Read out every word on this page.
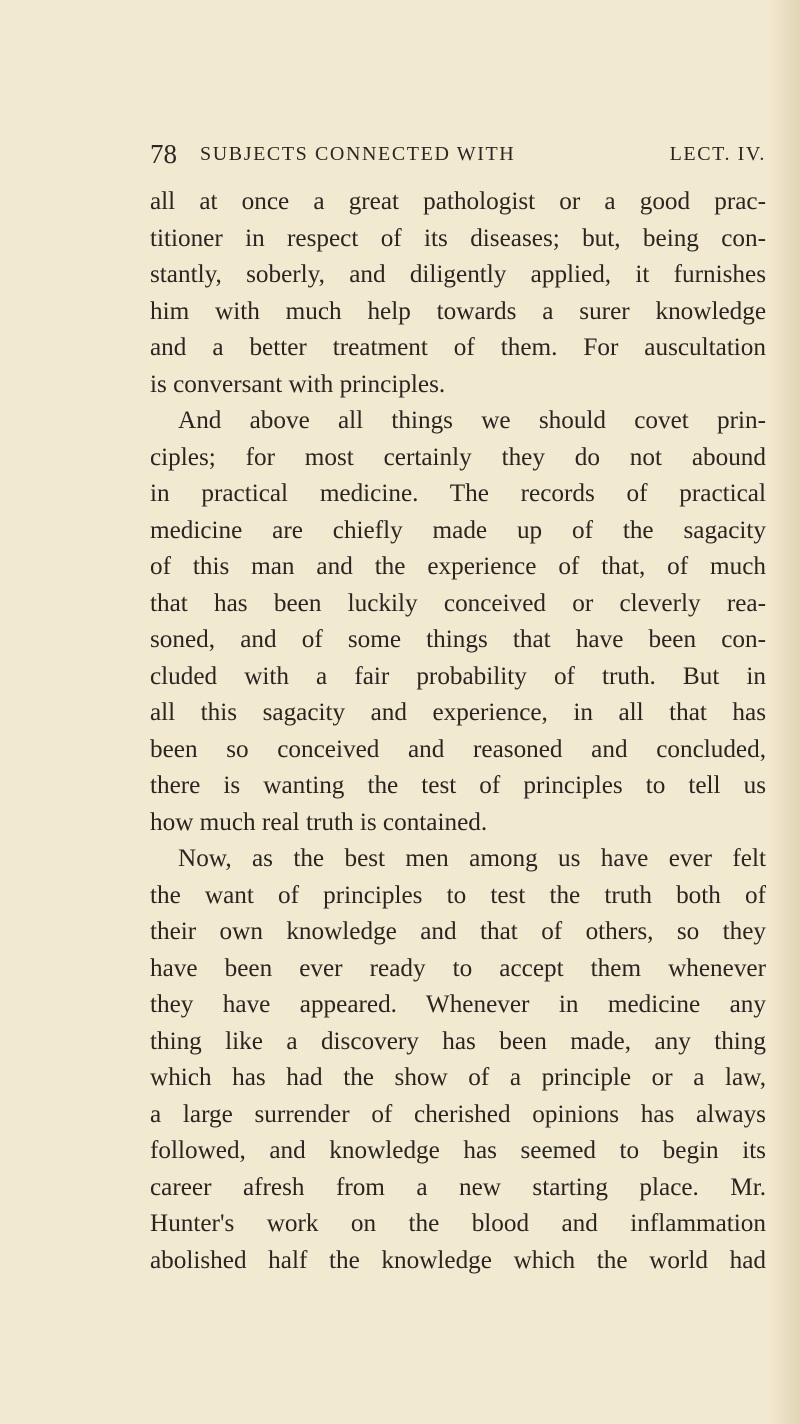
78 SUBJECTS CONNECTED WITH	LECT. IV.
all at once a great pathologist or a good prac-
titioner in respect of its diseases; but, being con-
stantly, soberly, and diligently applied, it furnishes
him with much help towards a surer knowledge
and a better treatment of them. For auscultation
is conversant with principles.
And above all things we should covet prin-
ciples; for most certainly they do not abound
in practical medicine. The records of practical
medicine are chiefly made up of the sagacity
of this man and the experience of that, of much
that has been luckily conceived or cleverly rea-
soned, and of some things that have been con-
cluded with a fair probability of truth. But in
all this sagacity and experience, in all that has
been so conceived and reasoned and concluded,
there is wanting the test of principles to tell us
how much real truth is contained.
Now, as the best men among us have ever felt
the want of principles to test the truth both of
their own knowledge and that of others, so they
have been ever ready to accept them whenever
they have appeared. Whenever in medicine any
thing like a discovery has been made, any thing
which has had the show of a principle or a law,
a large surrender of cherished opinions has always
followed, and knowledge has seemed to begin its
career afresh from a new starting place. Mr.
Hunter's work on the blood and inflammation
abolished half the knowledge which the world had
